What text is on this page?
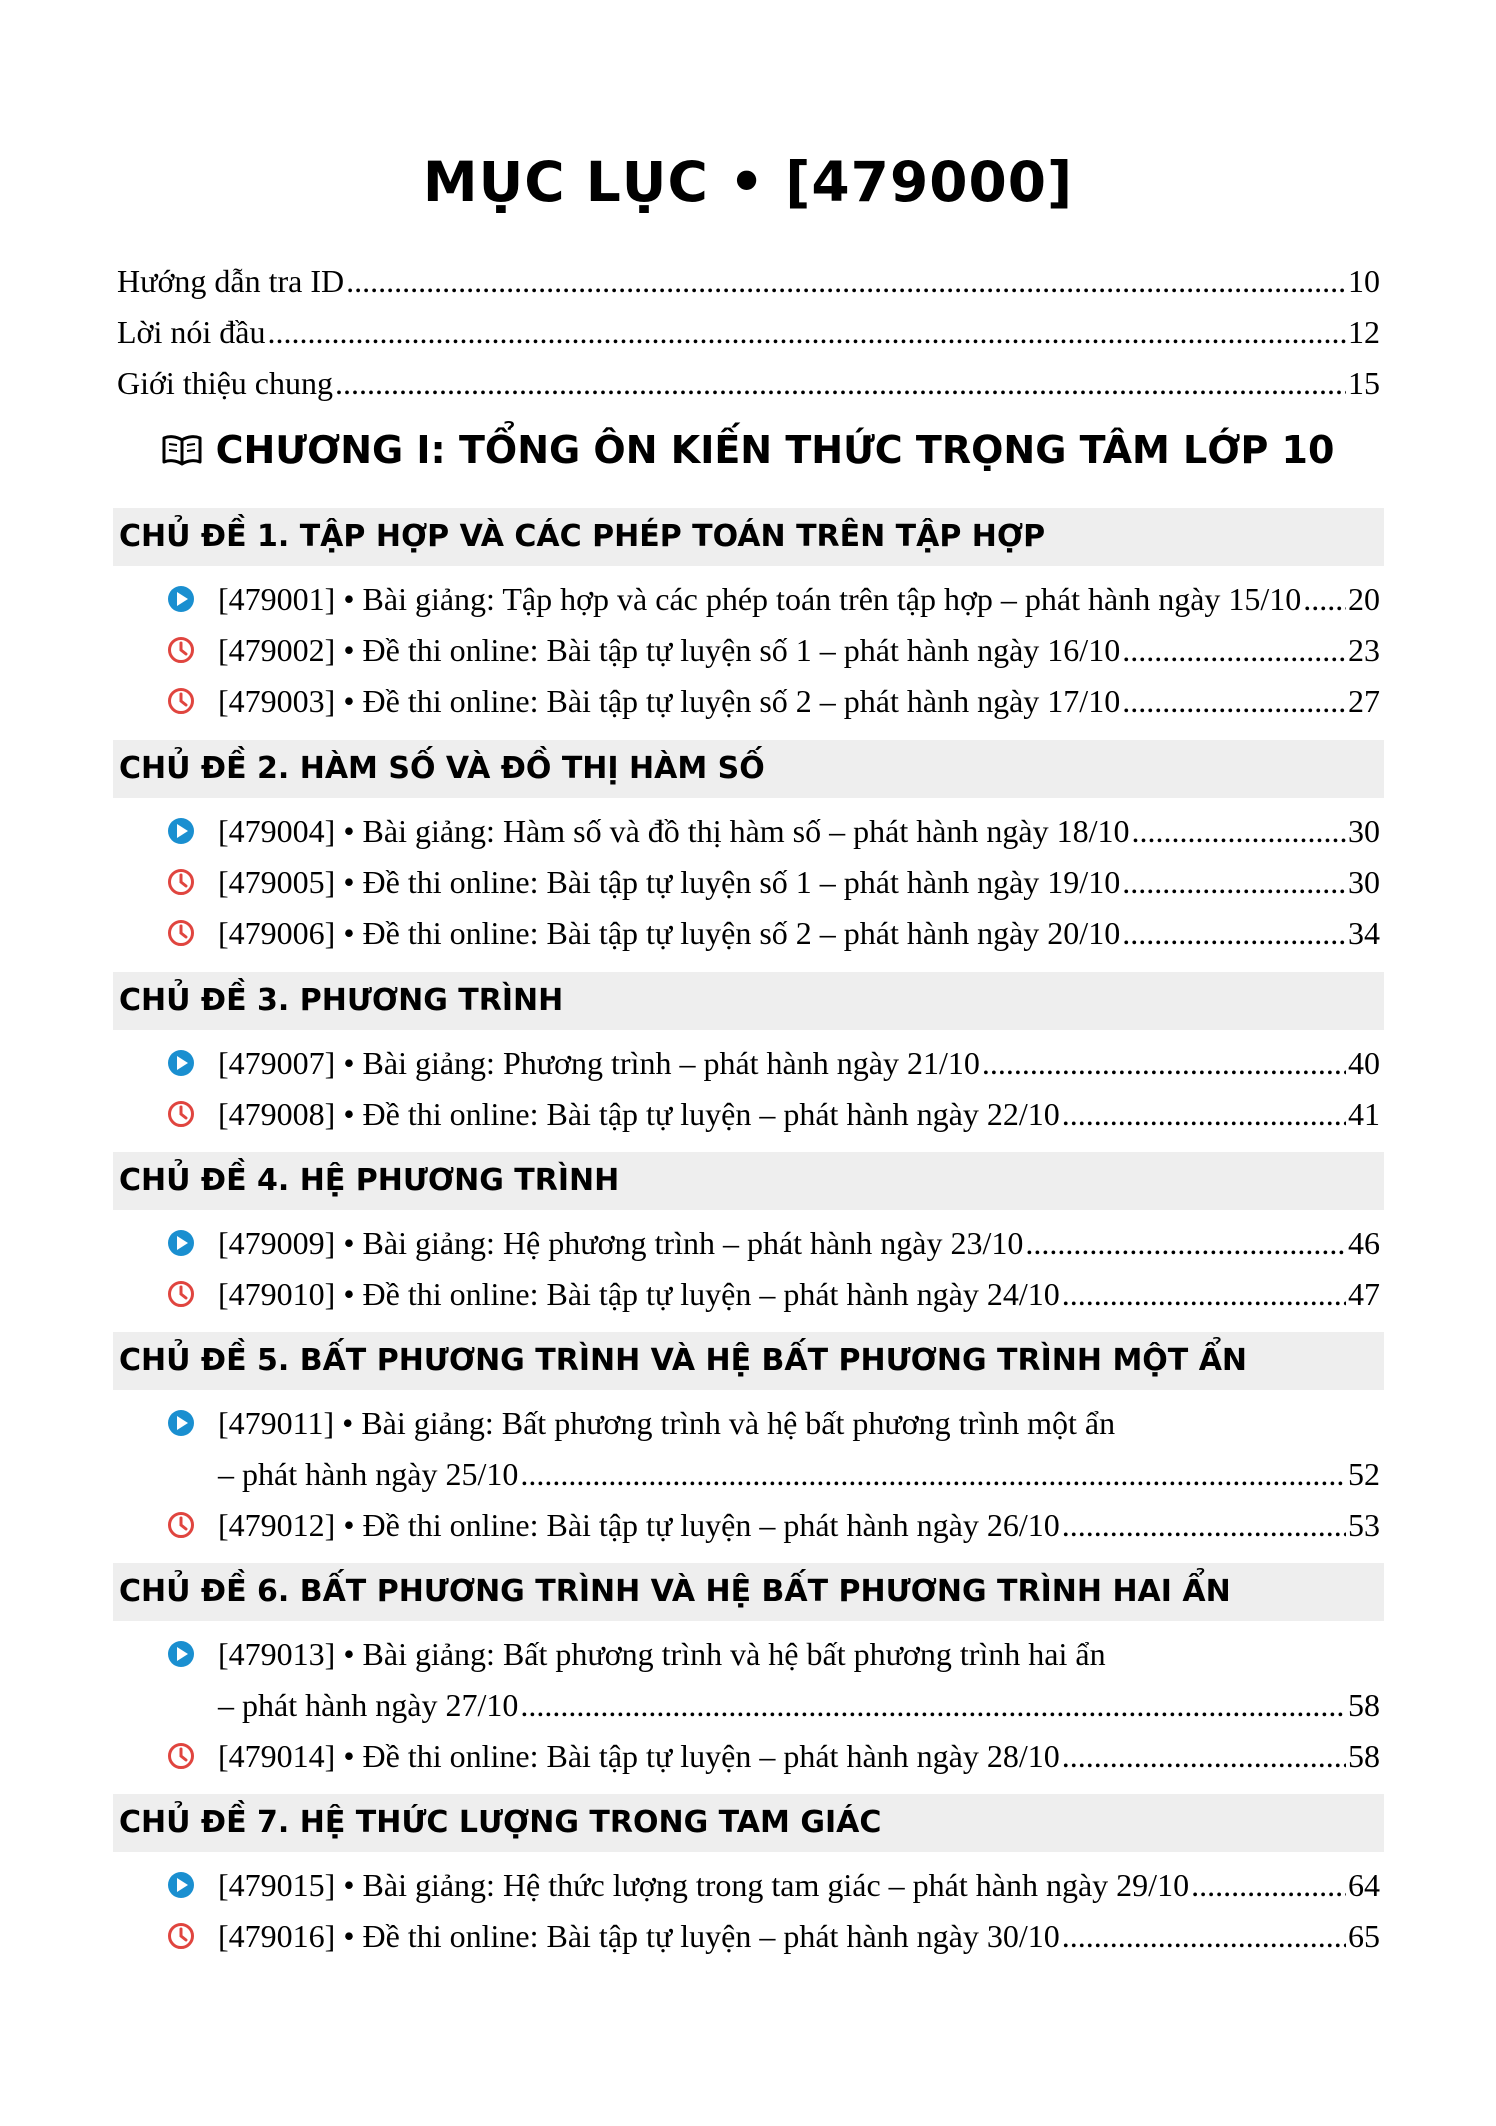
MỤC LỤC • [479000]
Hướng dẫn tra ID .....	10
Lời nói đầu .....	12
Giới thiệu chung .....	15
CHƯƠNG I: TỔNG ÔN KIẾN THỨC TRỌNG TÂM LỚP 10
CHỦ ĐỀ 1. TẬP HỢP VÀ CÁC PHÉP TOÁN TRÊN TẬP HỢP
[479001] • Bài giảng: Tập hợp và các phép toán trên tập hợp – phát hành ngày 15/10 ..... 20
[479002] • Đề thi online: Bài tập tự luyện số 1 – phát hành ngày 16/10 .....	23
[479003] • Đề thi online: Bài tập tự luyện số 2 – phát hành ngày 17/10 .....	27
CHỦ ĐỀ 2. HÀM SỐ VÀ ĐỒ THỊ HÀM SỐ
[479004] • Bài giảng: Hàm số và đồ thị hàm số – phát hành ngày 18/10 .....	30
[479005] • Đề thi online: Bài tập tự luyện số 1 – phát hành ngày 19/10 .....	30
[479006] • Đề thi online: Bài tập tự luyện số 2 – phát hành ngày 20/10 .....	34
CHỦ ĐỀ 3. PHƯƠNG TRÌNH
[479007] • Bài giảng: Phương trình – phát hành ngày 21/10 .....	40
[479008] • Đề thi online: Bài tập tự luyện – phát hành ngày 22/10 .....	41
CHỦ ĐỀ 4. HỆ PHƯƠNG TRÌNH
[479009] • Bài giảng: Hệ phương trình – phát hành ngày 23/10 .....	46
[479010] • Đề thi online: Bài tập tự luyện – phát hành ngày 24/10 .....	47
CHỦ ĐỀ 5. BẤT PHƯƠNG TRÌNH VÀ HỆ BẤT PHƯƠNG TRÌNH MỘT ẨN
[479011] • Bài giảng: Bất phương trình và hệ bất phương trình một ẩn
– phát hành ngày 25/10 .....	52
[479012] • Đề thi online: Bài tập tự luyện – phát hành ngày 26/10 .....	53
CHỦ ĐỀ 6. BẤT PHƯƠNG TRÌNH VÀ HỆ BẤT PHƯƠNG TRÌNH HAI ẨN
[479013] • Bài giảng: Bất phương trình và hệ bất phương trình hai ẩn
– phát hành ngày 27/10 .....	58
[479014] • Đề thi online: Bài tập tự luyện – phát hành ngày 28/10 .....	58
CHỦ ĐỀ 7. HỆ THỨC LƯỢNG TRONG TAM GIÁC
[479015] • Bài giảng: Hệ thức lượng trong tam giác – phát hành ngày 29/10 .....	64
[479016] • Đề thi online: Bài tập tự luyện – phát hành ngày 30/10 .....	65
